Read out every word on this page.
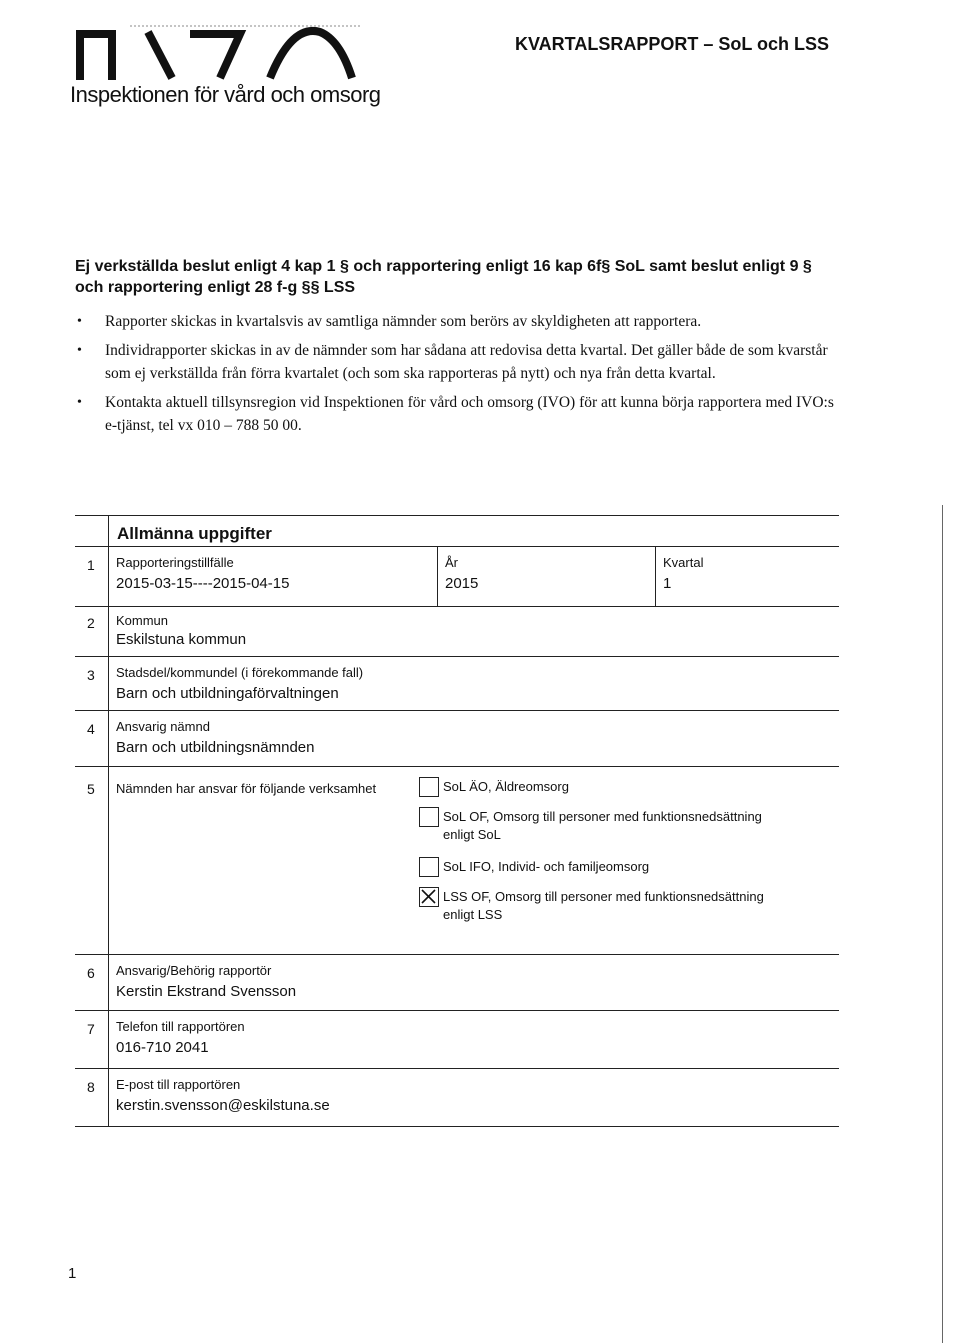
Inspektionen för vård och omsorg
KVARTALSRAPPORT – SoL och LSS
Ej verkställda beslut enligt 4 kap 1 § och rapportering enligt 16 kap 6f§ SoL samt beslut enligt 9 § och rapportering enligt 28 f-g §§ LSS
• Rapporter skickas in kvartalsvis av samtliga nämnder som berörs av skyldigheten att rapportera.
• Individrapporter skickas in av de nämnder som har sådana att redovisa detta kvartal. Det gäller både de som kvarstår som ej verkställda från förra kvartalet (och som ska rapporteras på nytt) och nya från detta kvartal.
• Kontakta aktuell tillsynsregion vid Inspektionen för vård och omsorg (IVO) för att kunna börja rapportera med IVO:s e-tjänst, tel vx 010 – 788 50 00.
Allmänna uppgifter
1 Rapporteringstillfälle
2015-03-15----2015-04-15
År
2015
Kvartal
1
2 Kommun
Eskilstuna kommun
3 Stadsdel/kommundel (i förekommande fall)
Barn och utbildningaförvaltningen
4 Ansvarig nämnd
Barn och utbildningsnämnden
5 Nämnden har ansvar för följande verksamhet	SoL ÄO, Äldreomsorg
SoL OF, Omsorg till personer med funktionsnedsättning
enligt SoL
SoL IFO, Individ- och familjeomsorg
LSS OF, Omsorg till personer med funktionsnedsättning
enligt LSS
6 Ansvarig/Behörig rapportör
Kerstin Ekstrand Svensson
7 Telefon till rapportören
016-710 2041
8 E-post till rapportören
kerstin.svensson@eskilstuna.se
1
